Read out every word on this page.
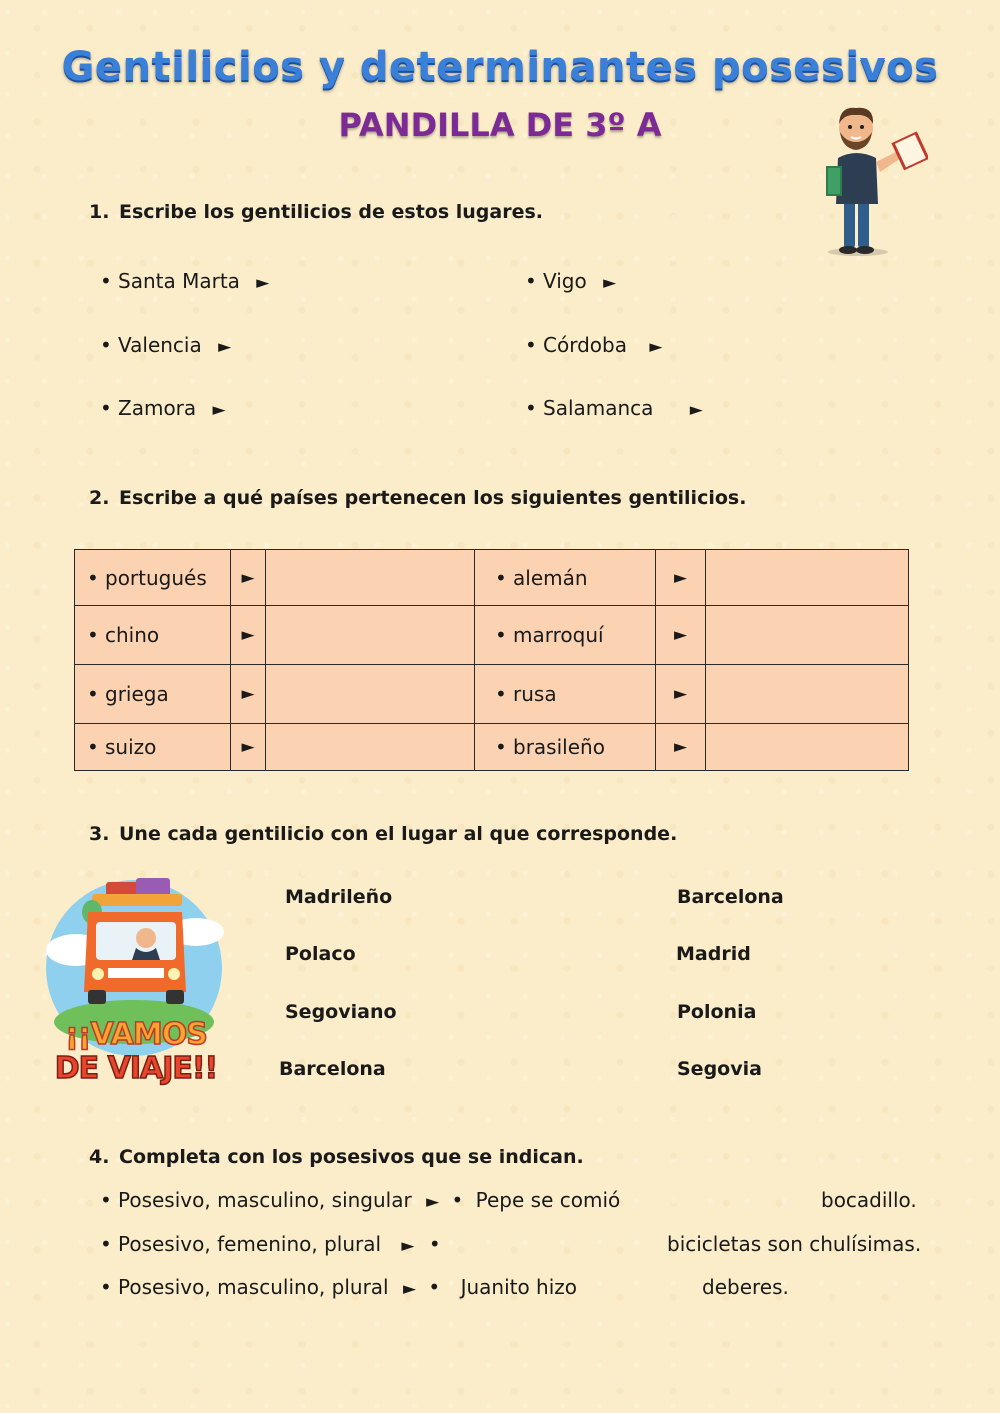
Gentilicios y determinantes posesivos
PANDILLA DE 3º A
1. Escribe los gentilicios de estos lugares.
• Santa Marta ►
• Valencia ►
• Zamora ►
• Vigo ►
• Córdoba ►
• Salamanca ►
2. Escribe a qué países pertenecen los siguientes gentilicios.
• portugués	►		• alemán	►	
• chino	►		• marroquí	►	
• griega	►		• rusa	►	
• suizo	►		• brasileño	►	
3. Une cada gentilicio con el lugar al que corresponde.
¡¡VAMOS
DE VIAJE!!
Madrileño
Polaco
Segoviano
Barcelona
Barcelona
Madrid
Polonia
Segovia
4. Completa con los posesivos que se indican.
• Posesivo, masculino, singular ► • Pepe se comió	bocadillo.
• Posesivo, femenino, plural ► •	bicicletas son chulísimas.
• Posesivo, masculino, plural ► • Juanito hizo	deberes.
